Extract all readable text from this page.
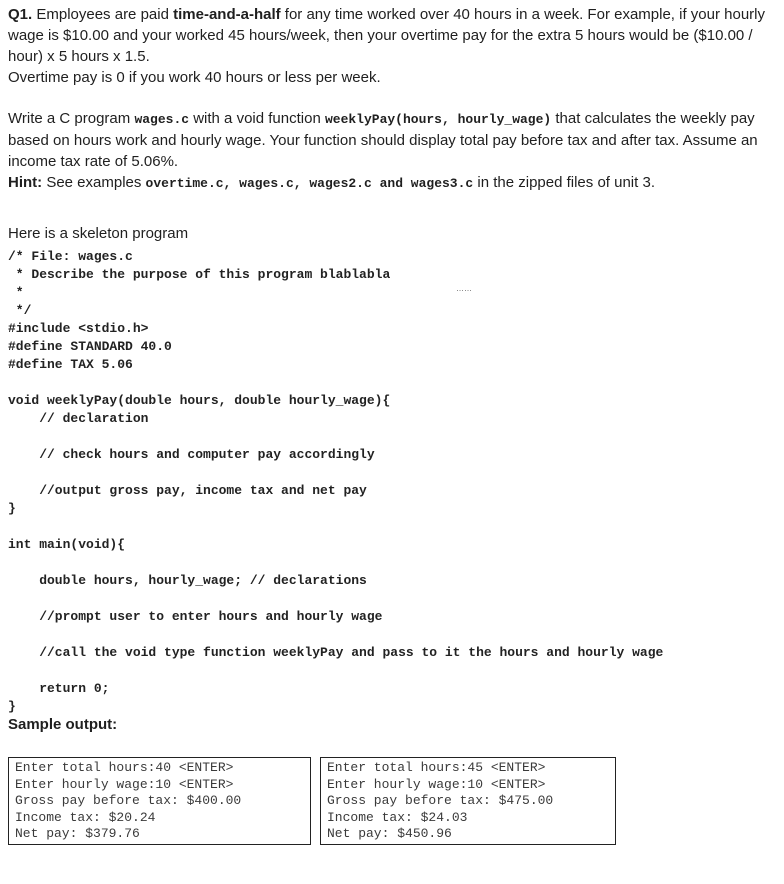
Q1. Employees are paid time-and-a-half for any time worked over 40 hours in a week. For example, if your hourly wage is $10.00 and your worked 45 hours/week, then your overtime pay for the extra 5 hours would be ($10.00 / hour) x 5 hours x 1.5.

Overtime pay is 0 if you work 40 hours or less per week.

Write a C program wages.c with a void function weeklyPay(hours, hourly_wage) that calculates the weekly pay based on hours work and hourly wage. Your function should display total pay before tax and after tax. Assume an income tax rate of 5.06%.

Hint: See examples overtime.c, wages.c, wages2.c and wages3.c in the zipped files of unit 3.

Here is a skeleton program

/* File: wages.c
* Describe the purpose of this program blablabla
*
*/
#include <stdio.h>
#define STANDARD 40.0
#define TAX 5.06
void weeklyPay(double hours, double hourly_wage){
// declaration
// check hours and computer pay accordingly
//output gross pay, income tax and net pay
}
int main(void){
double hours, hourly_wage; // declarations
//prompt user to enter hours and hourly wage
//call the void type function weeklyPay and pass to it the hours and hourly wage
return 0;
}

Sample output:

……
Enter total hours:40 <ENTER>
Enter hourly wage:10 <ENTER>
Gross pay before tax: $400.00
Income tax: $20.24
Net pay: $379.76
Enter total hours:45 <ENTER>
Enter hourly wage:10 <ENTER>
Gross pay before tax: $475.00
Income tax: $24.03
Net pay: $450.96
